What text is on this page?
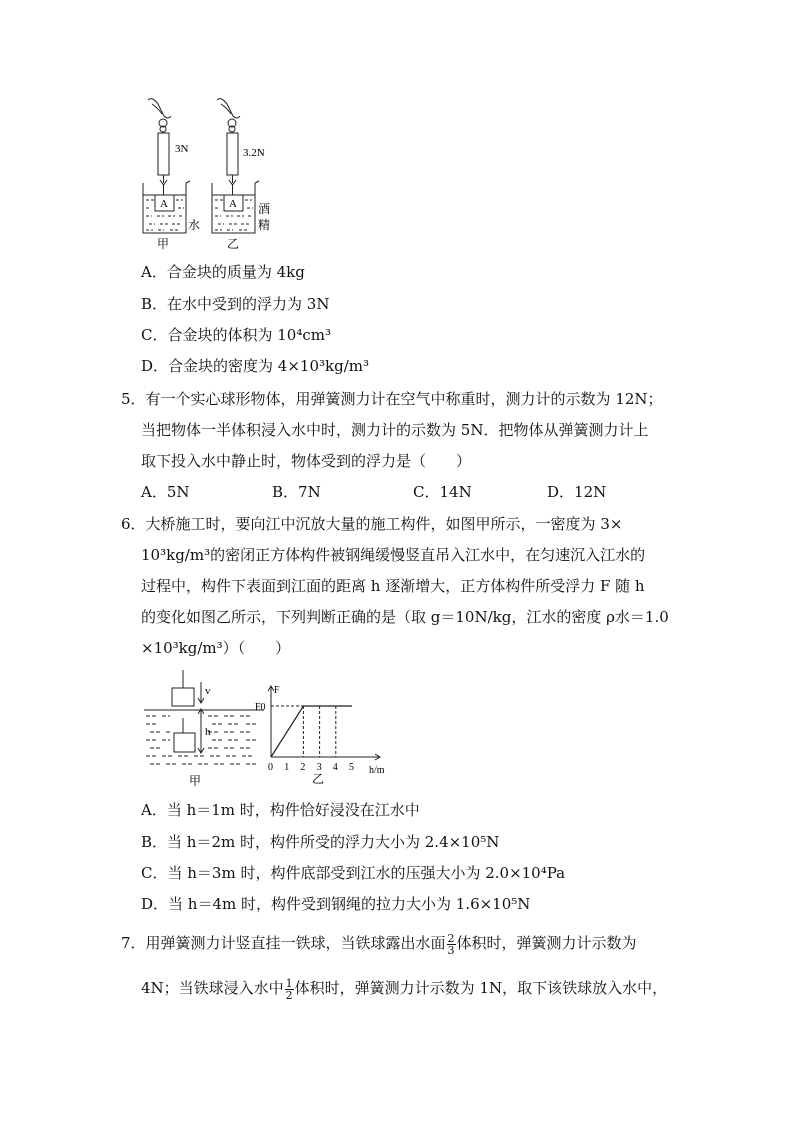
3N
A
水
甲
3.2N
A 酒
精
乙
A．合金块的质量为 4kg
B．在水中受到的浮力为 3N
C．合金块的体积为 10⁴cm³
D．合金块的密度为 4×10³kg/m³
5．有一个实心球形物体，用弹簧测力计在空气中称重时，测力计的示数为 12N；
当把物体一半体积浸入水中时，测力计的示数为 5N．把物体从弹簧测力计上
取下投入水中静止时，物体受到的浮力是（　　）
A．5N	B．7N	C．14N	D．12N
6．大桥施工时，要向江中沉放大量的施工构件，如图甲所示，一密度为 3×
10³kg/m³的密闭正方体构件被钢绳缓慢竖直吊入江水中，在匀速沉入江水的
过程中，构件下表面到江面的距离 h 逐渐增大，正方体构件所受浮力 F 随 h
的变化如图乙所示，下列判断正确的是（取 g＝10N/kg，江水的密度 ρ水＝1.0
×10³kg/m³）（　　）
v
h
甲
0 1 2 3 4 5 h/m
F
F0
乙
A．当 h＝1m 时，构件恰好浸没在江水中
B．当 h＝2m 时，构件所受的浮力大小为 2.4×10⁵N
C．当 h＝3m 时，构件底部受到江水的压强大小为 2.0×10⁴Pa
D．当 h＝4m 时，构件受到钢绳的拉力大小为 1.6×10⁵N
7．用弹簧测力计竖直挂一铁球，当铁球露出水面 $\frac{2}{3}$ 体积时，弹簧测力计示数为
4N；当铁球浸入水中 $\frac{1}{2}$ 体积时，弹簧测力计示数为 1N，取下该铁球放入水中，
